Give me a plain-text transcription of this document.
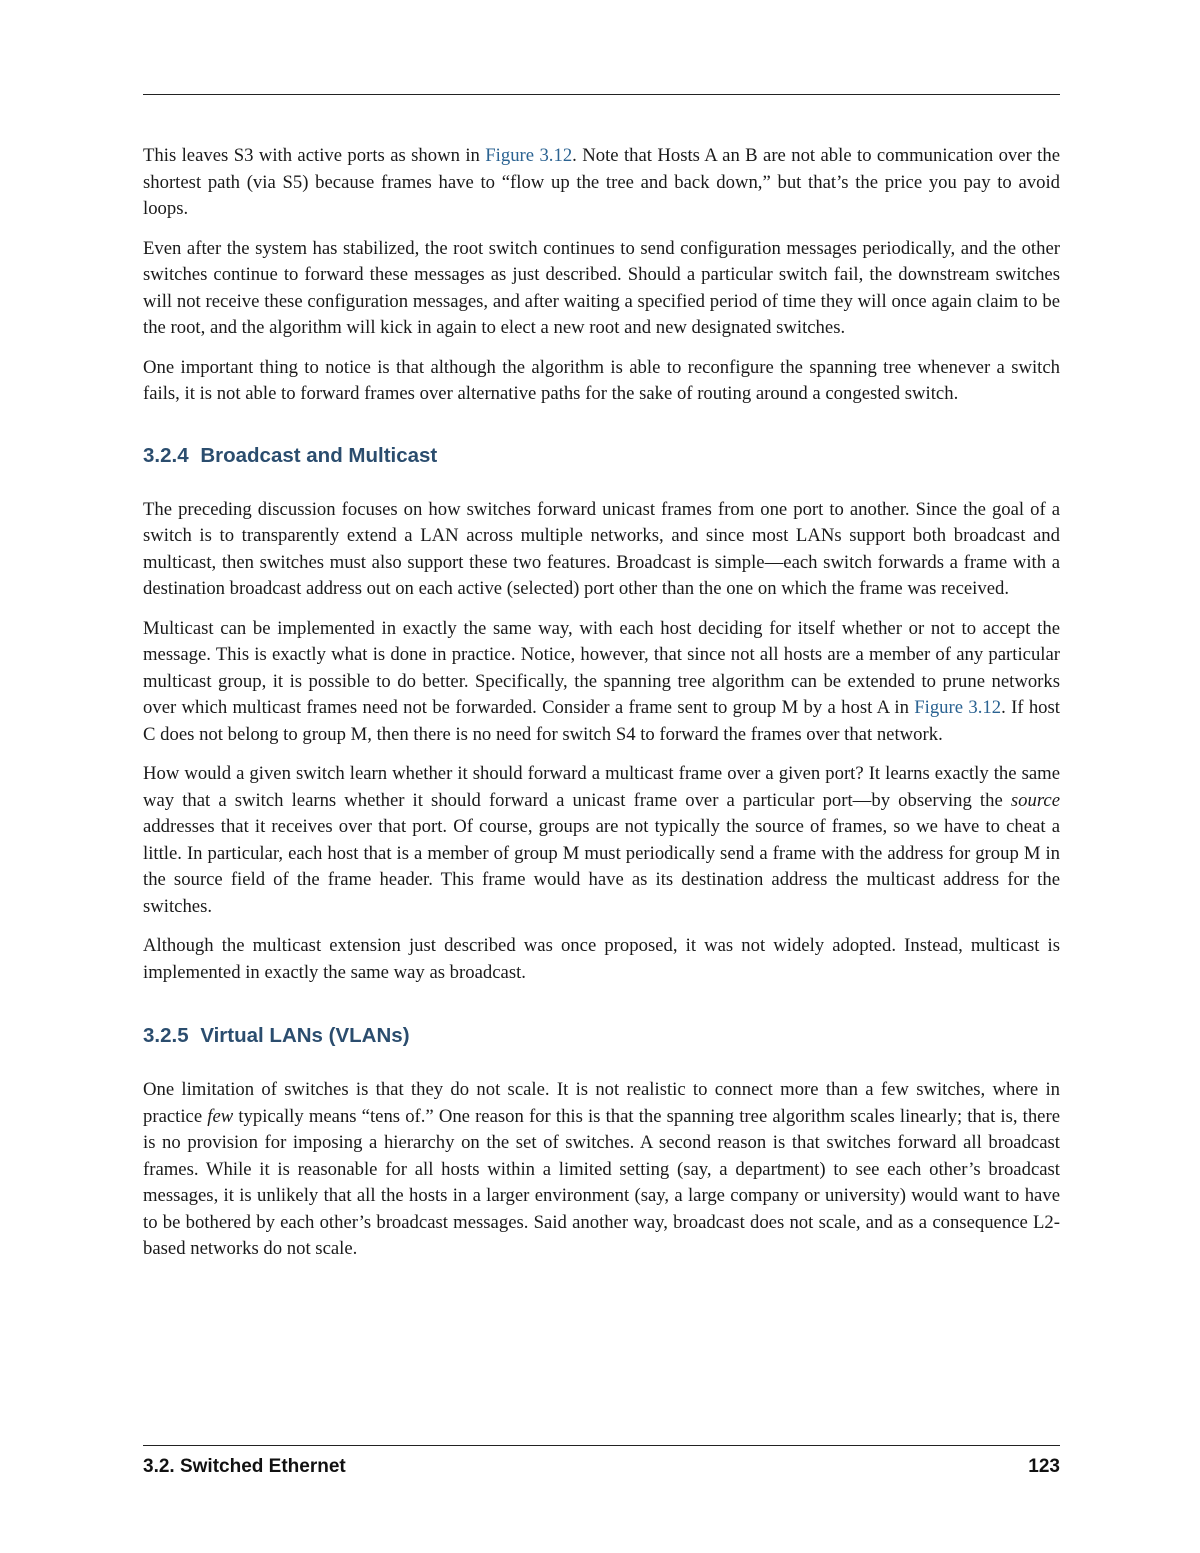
This leaves S3 with active ports as shown in Figure 3.12. Note that Hosts A an B are not able to communication over the shortest path (via S5) because frames have to “flow up the tree and back down,” but that’s the price you pay to avoid loops.

Even after the system has stabilized, the root switch continues to send configuration messages periodically, and the other switches continue to forward these messages as just described. Should a particular switch fail, the downstream switches will not receive these configuration messages, and after waiting a specified period of time they will once again claim to be the root, and the algorithm will kick in again to elect a new root and new designated switches.

One important thing to notice is that although the algorithm is able to reconfigure the spanning tree whenever a switch fails, it is not able to forward frames over alternative paths for the sake of routing around a congested switch.

3.2.4 Broadcast and Multicast

The preceding discussion focuses on how switches forward unicast frames from one port to another. Since the goal of a switch is to transparently extend a LAN across multiple networks, and since most LANs support both broadcast and multicast, then switches must also support these two features. Broadcast is simple—each switch forwards a frame with a destination broadcast address out on each active (selected) port other than the one on which the frame was received.

Multicast can be implemented in exactly the same way, with each host deciding for itself whether or not to accept the message. This is exactly what is done in practice. Notice, however, that since not all hosts are a member of any particular multicast group, it is possible to do better. Specifically, the spanning tree algorithm can be extended to prune networks over which multicast frames need not be forwarded. Consider a frame sent to group M by a host A in Figure 3.12. If host C does not belong to group M, then there is no need for switch S4 to forward the frames over that network.

How would a given switch learn whether it should forward a multicast frame over a given port? It learns exactly the same way that a switch learns whether it should forward a unicast frame over a particular port—by observing the source addresses that it receives over that port. Of course, groups are not typically the source of frames, so we have to cheat a little. In particular, each host that is a member of group M must periodically send a frame with the address for group M in the source field of the frame header. This frame would have as its destination address the multicast address for the switches.

Although the multicast extension just described was once proposed, it was not widely adopted. Instead, multicast is implemented in exactly the same way as broadcast.

3.2.5 Virtual LANs (VLANs)

One limitation of switches is that they do not scale. It is not realistic to connect more than a few switches, where in practice few typically means “tens of.” One reason for this is that the spanning tree algorithm scales linearly; that is, there is no provision for imposing a hierarchy on the set of switches. A second reason is that switches forward all broadcast frames. While it is reasonable for all hosts within a limited setting (say, a department) to see each other’s broadcast messages, it is unlikely that all the hosts in a larger environment (say, a large company or university) would want to have to be bothered by each other’s broadcast messages. Said another way, broadcast does not scale, and as a consequence L2-based networks do not scale.

3.2. Switched Ethernet	123
